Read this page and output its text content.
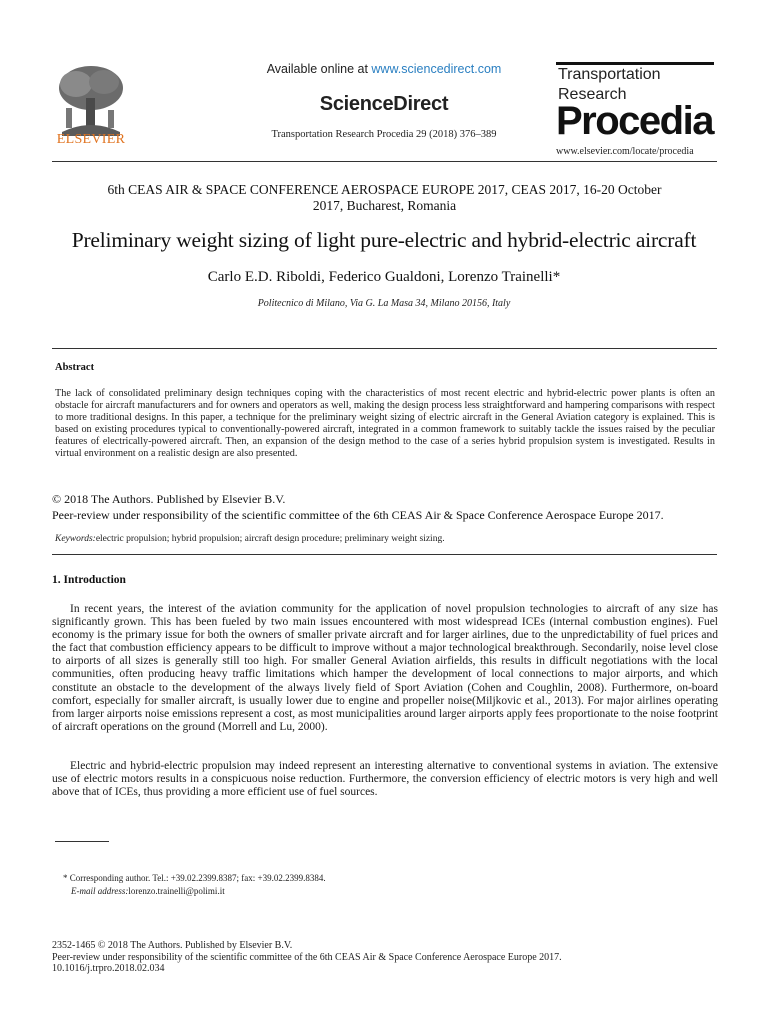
ELSEVIER
Available online at www.sciencedirect.com
ScienceDirect
Transportation Research Procedia 29 (2018) 376–389
Transportation
Research
Procedia
www.elsevier.com/locate/procedia
6th CEAS AIR & SPACE CONFERENCE AEROSPACE EUROPE 2017, CEAS 2017, 16-20 October
2017, Bucharest, Romania
Preliminary weight sizing of light pure-electric and hybrid-electric aircraft
Carlo E.D. Riboldi, Federico Gualdoni, Lorenzo Trainelli*
Politecnico di Milano, Via G. La Masa 34, Milano 20156, Italy
Abstract
The lack of consolidated preliminary design techniques coping with the characteristics of most recent electric and hybrid-electric power plants is often an obstacle for aircraft manufacturers and for owners and operators as well, making the design process less straightforward and hampering comparisons with respect to more traditional designs. In this paper, a technique for the preliminary weight sizing of electric aircraft in the General Aviation category is explained. This is based on existing procedures typical to conventionally-powered aircraft, integrated in a common framework to suitably tackle the issues raised by the peculiar features of electrically-powered aircraft. Then, an expansion of the design method to the case of a series hybrid propulsion system is investigated. Results in virtual environment on a realistic design are also presented.
© 2018 The Authors. Published by Elsevier B.V.
Peer-review under responsibility of the scientific committee of the 6th CEAS Air & Space Conference Aerospace Europe 2017.
Keywords:electric propulsion; hybrid propulsion; aircraft design procedure; preliminary weight sizing.
1. Introduction
In recent years, the interest of the aviation community for the application of novel propulsion technologies to aircraft of any size has significantly grown. This has been fueled by two main issues encountered with most widespread ICEs (internal combustion engines). Fuel economy is the primary issue for both the owners of smaller private aircraft and for larger airlines, due to the unpredictability of fuel prices and the fact that combustion efficiency appears to be difficult to improve without a major technological breakthrough. Secondarily, noise level close to airports of all sizes is generally still too high. For smaller General Aviation airfields, this results in difficult negotiations with the local communities, often producing heavy traffic limitations which hamper the development of local connections to major airports, and which constitute an obstacle to the development of the always lively field of Sport Aviation (Cohen and Coughlin, 2008). Furthermore, on-board comfort, especially for smaller aircraft, is usually lower due to engine and propeller noise(Miljkovic et al., 2013). For major airlines operating from larger airports noise emissions represent a cost, as most municipalities around larger airports apply fees proportionate to the noise footprint of aircraft operations on the ground (Morrell and Lu, 2000).
Electric and hybrid-electric propulsion may indeed represent an interesting alternative to conventional systems in aviation. The extensive use of electric motors results in a conspicuous noise reduction. Furthermore, the conversion efficiency of electric motors is very high and well above that of ICEs, thus providing a more efficient use of fuel sources.
* Corresponding author. Tel.: +39.02.2399.8387; fax: +39.02.2399.8384.
E-mail address:lorenzo.trainelli@polimi.it
2352-1465 © 2018 The Authors. Published by Elsevier B.V.
Peer-review under responsibility of the scientific committee of the 6th CEAS Air & Space Conference Aerospace Europe 2017.
10.1016/j.trpro.2018.02.034
